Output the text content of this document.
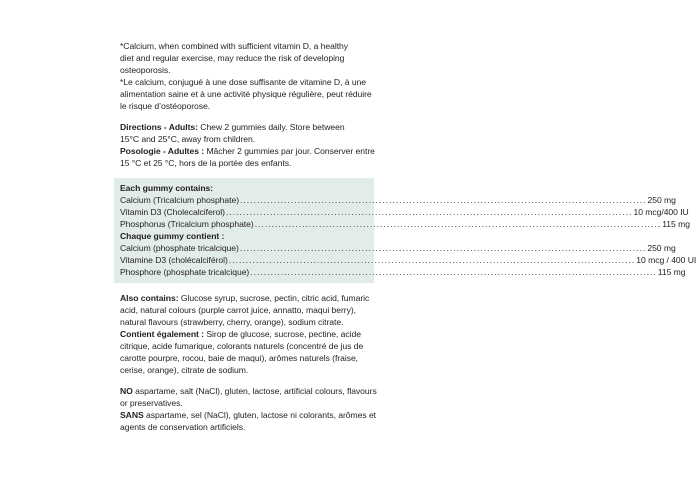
*Calcium, when combined with sufficient vitamin D, a healthy

diet and regular exercise, may reduce the risk of developing

osteoporosis.

*Le calcium, conjugué à une dose suffisante de vitamine D, à une

alimentation saine et à une activité physique régulière, peut réduire

le risque d’ostéoporose.

Directions - Adults: Chew 2 gummies daily. Store between

15°C and 25°C, away from children.

Posologie - Adultes : Mâcher 2 gummies par jour. Conserver entre

15 °C et 25 °C, hors de la portée des enfants.

Each gummy contains:
Calcium (Tricalcium phosphate) ........................................................................................................................ 250 mg
Vitamin D3 (Cholecalciferol) ........................................................................................................................ 10 mcg/400 IU
Phosphorus (Tricalcium phosphate) ........................................................................................................................ 115 mg
Chaque gummy contient :
Calcium (phosphate tricalcique) ........................................................................................................................ 250 mg
Vitamine D3 (cholécalciférol) ........................................................................................................................ 10 mcg / 400 UI
Phosphore (phosphate tricalcique) ........................................................................................................................ 115 mg

Also contains: Glucose syrup, sucrose, pectin, citric acid, fumaric

acid, natural colours (purple carrot juice, annatto, maqui berry),

natural flavours (strawberry, cherry, orange), sodium citrate.

Contient également : Sirop de glucose, sucrose, pectine, acide

citrique, acide fumarique, colorants naturels (concentré de jus de

carotte pourpre, rocou, baie de maqui), arômes naturels (fraise,

cerise, orange), citrate de sodium.

NO aspartame, salt (NaCl), gluten, lactose, artificial colours, flavours

or preservatives.

SANS aspartame, sel (NaCl), gluten, lactose ni colorants, arômes et

agents de conservation artificiels.
